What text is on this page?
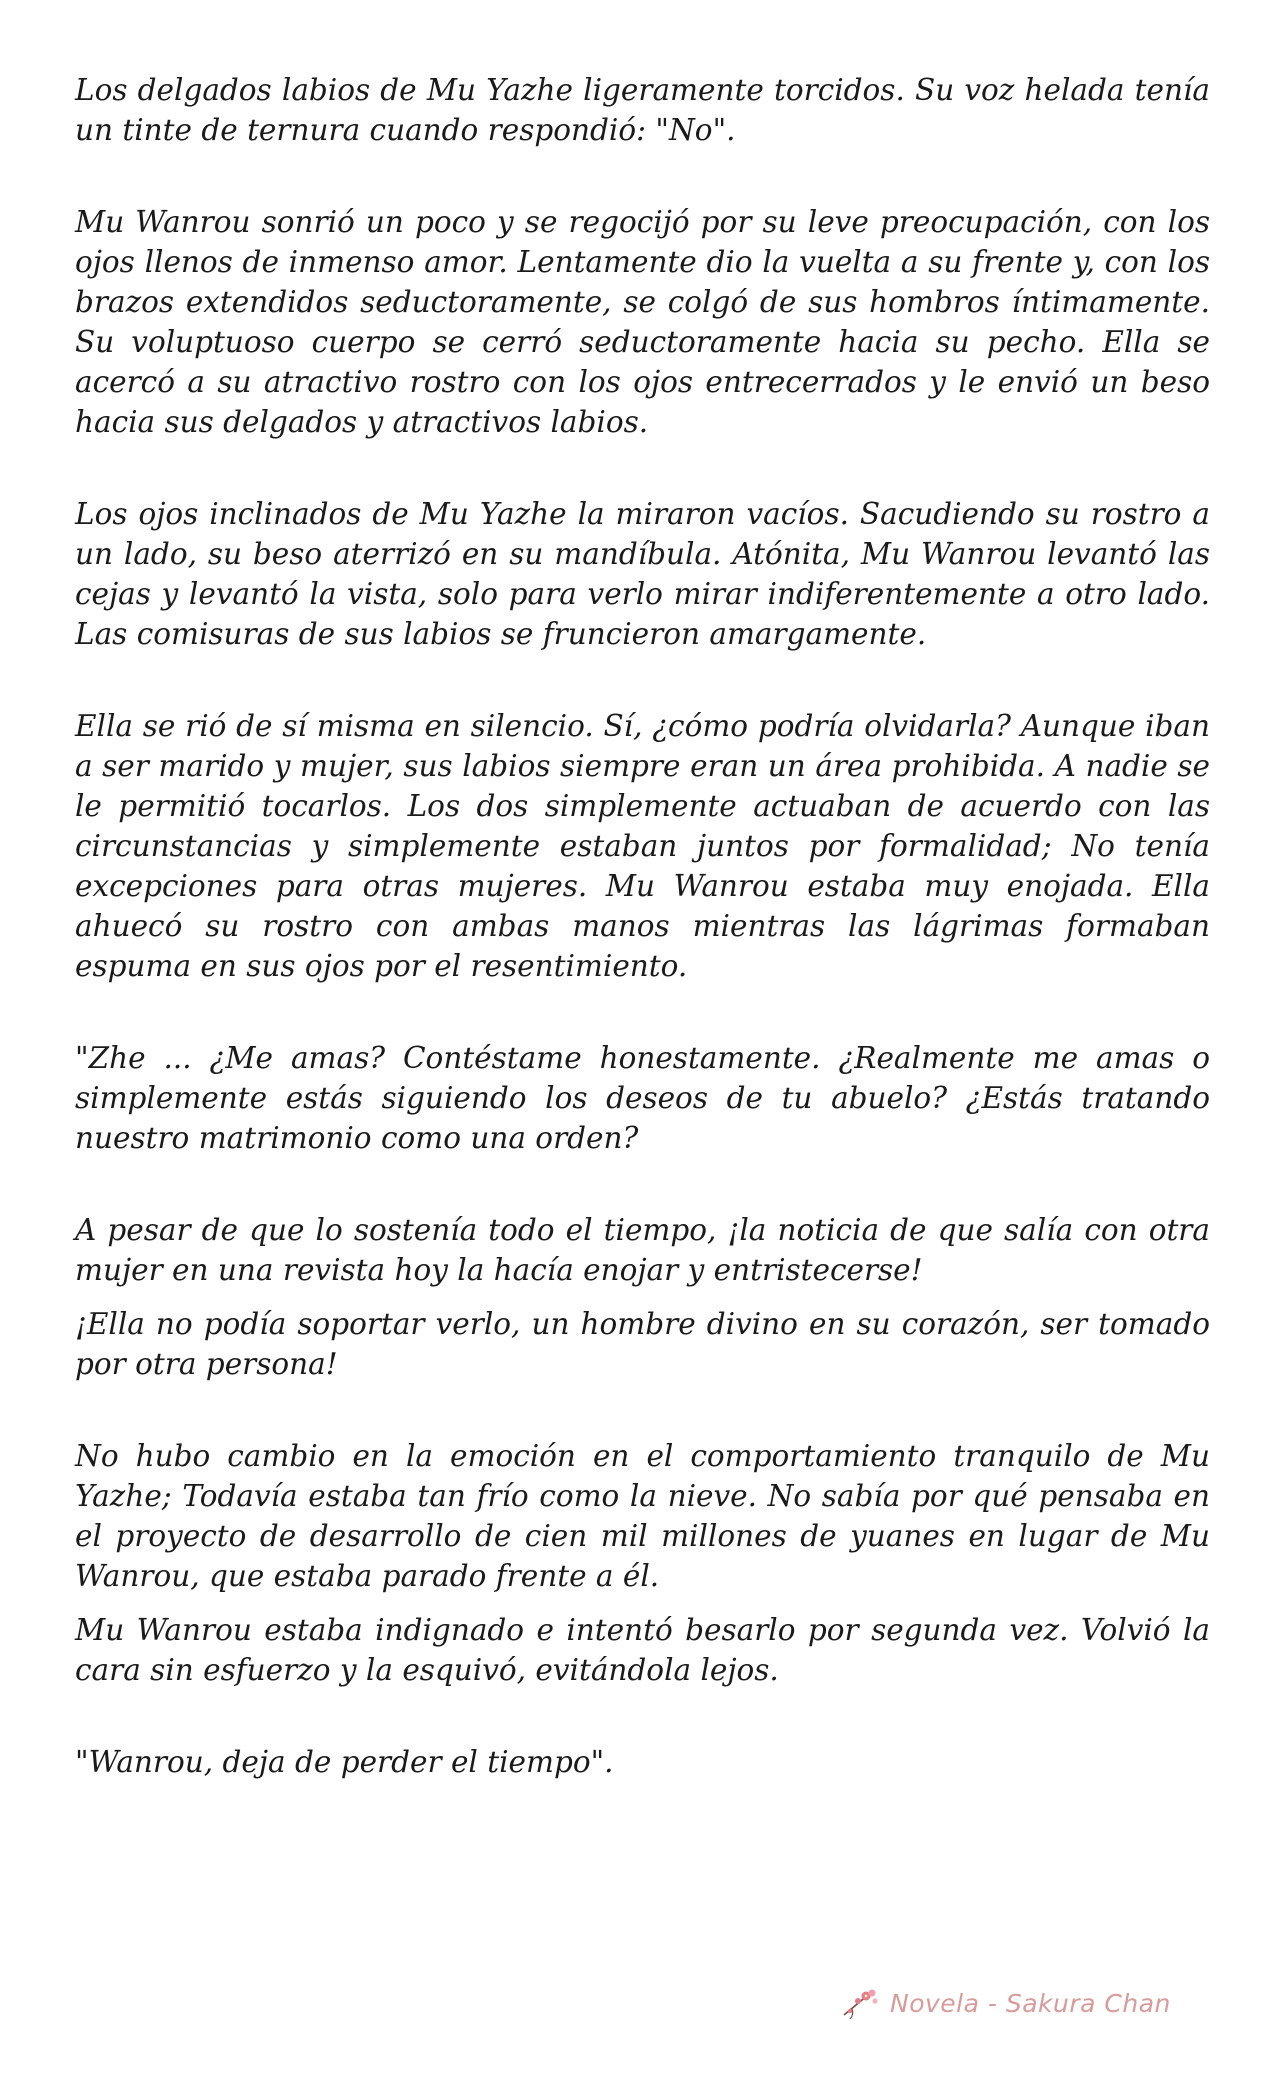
Los delgados labios de Mu Yazhe ligeramente torcidos. Su voz helada tenía un tinte de ternura cuando respondió: "No".

Mu Wanrou sonrió un poco y se regocijó por su leve preocupación, con los ojos llenos de inmenso amor. Lentamente dio la vuelta a su frente y, con los brazos extendidos seductoramente, se colgó de sus hombros íntimamente. Su voluptuoso cuerpo se cerró seductoramente hacia su pecho. Ella se acercó a su atractivo rostro con los ojos entrecerrados y le envió un beso hacia sus delgados y atractivos labios.

Los ojos inclinados de Mu Yazhe la miraron vacíos. Sacudiendo su rostro a un lado, su beso aterrizó en su mandíbula. Atónita, Mu Wanrou levantó las cejas y levantó la vista, solo para verlo mirar indiferentemente a otro lado. Las comisuras de sus labios se fruncieron amargamente.

Ella se rió de sí misma en silencio. Sí, ¿cómo podría olvidarla? Aunque iban a ser marido y mujer, sus labios siempre eran un área prohibida. A nadie se le permitió tocarlos. Los dos simplemente actuaban de acuerdo con las circunstancias y simplemente estaban juntos por formalidad; No tenía excepciones para otras mujeres. Mu Wanrou estaba muy enojada. Ella ahuecó su rostro con ambas manos mientras las lágrimas formaban espuma en sus ojos por el resentimiento.

"Zhe ... ¿Me amas? Contéstame honestamente. ¿Realmente me amas o simplemente estás siguiendo los deseos de tu abuelo? ¿Estás tratando nuestro matrimonio como una orden?

A pesar de que lo sostenía todo el tiempo, ¡la noticia de que salía con otra mujer en una revista hoy la hacía enojar y entristecerse!

¡Ella no podía soportar verlo, un hombre divino en su corazón, ser tomado por otra persona!

No hubo cambio en la emoción en el comportamiento tranquilo de Mu Yazhe; Todavía estaba tan frío como la nieve. No sabía por qué pensaba en el proyecto de desarrollo de cien mil millones de yuanes en lugar de Mu Wanrou, que estaba parado frente a él.

Mu Wanrou estaba indignado e intentó besarlo por segunda vez. Volvió la cara sin esfuerzo y la esquivó, evitándola lejos.

"Wanrou, deja de perder el tiempo".

Novela - Sakura Chan
